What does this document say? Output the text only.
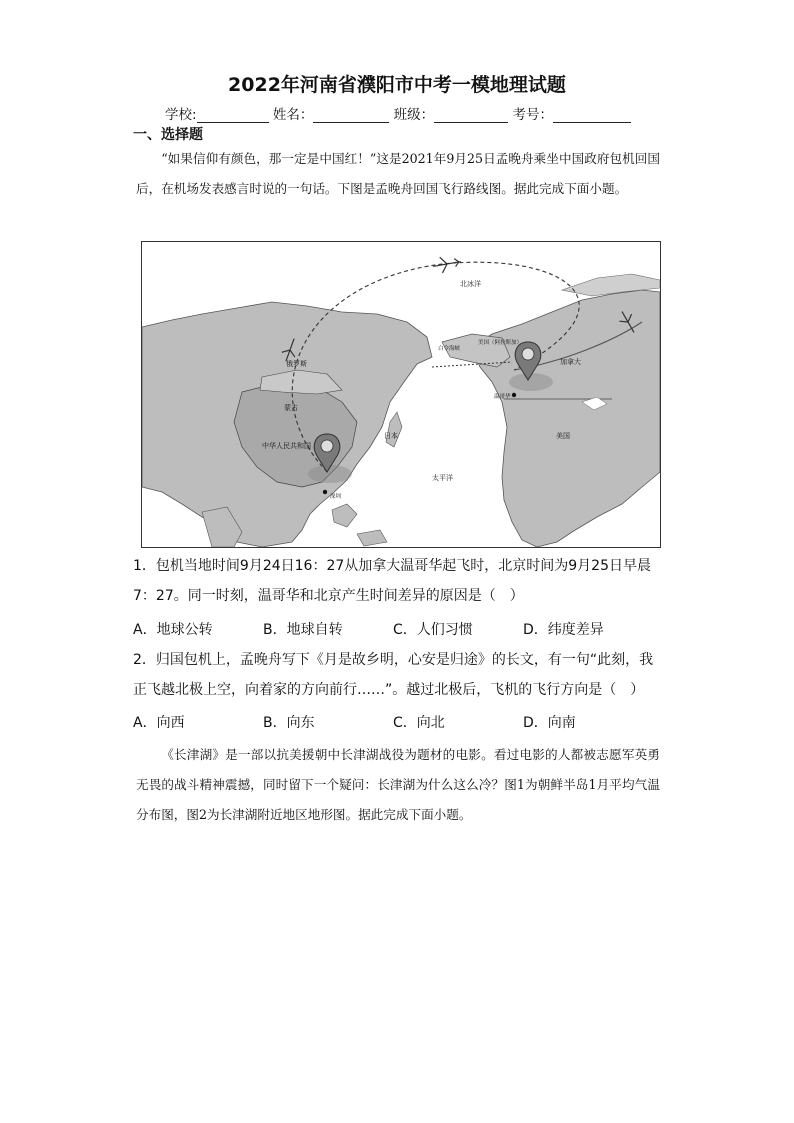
2022年河南省濮阳市中考一模地理试题
学校:	姓名：	班级：	考号：
一、选择题
“如果信仰有颜色，那一定是中国红！”这是2021年9月25日孟晚舟乘坐中国政府包机回国后，在机场发表感言时说的一句话。下图是孟晚舟回国飞行路线图。据此完成下面小题。
北冰洋
俄罗斯
蒙古
中华人民共和国
日本
太平洋
加拿大
美国
美国（阿拉斯加）
白令海峡
温哥华
深圳
1．包机当地时间9月24日16：27从加拿大温哥华起飞时，北京时间为9月25日早晨7：27。同一时刻，温哥华和北京产生时间差异的原因是（　）
A．地球公转	B．地球自转	C．人们习惯	D．纬度差异
2．归国包机上，孟晚舟写下《月是故乡明，心安是归途》的长文，有一句“此刻，我正飞越北极上空，向着家的方向前行……”。越过北极后，飞机的飞行方向是（　）
A．向西	B．向东	C．向北	D．向南
《长津湖》是一部以抗美援朝中长津湖战役为题材的电影。看过电影的人都被志愿军英勇无畏的战斗精神震撼，同时留下一个疑问：长津湖为什么这么冷？图1为朝鲜半岛1月平均气温分布图，图2为长津湖附近地区地形图。据此完成下面小题。
